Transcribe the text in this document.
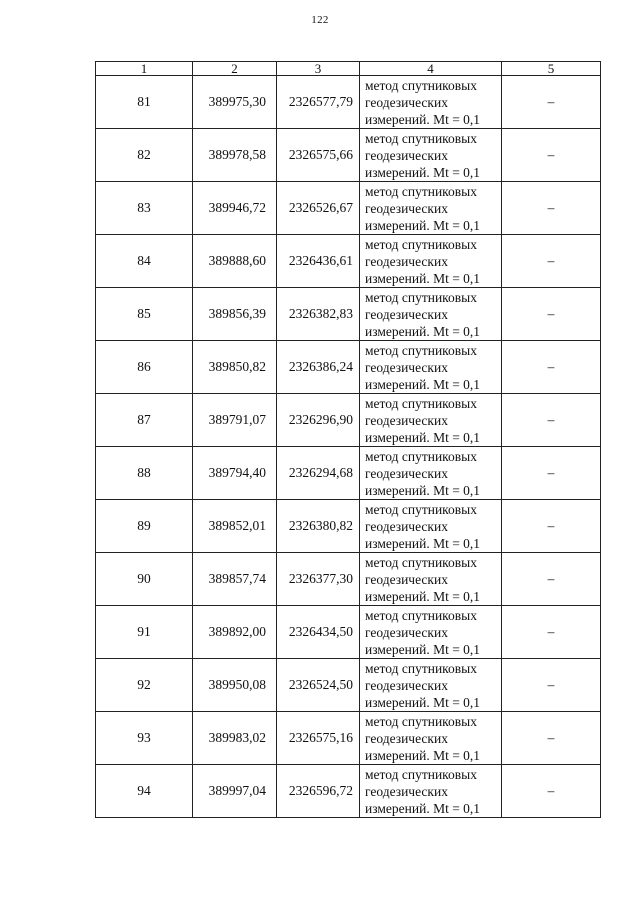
122
1	2	3	4	5
81	389975,30	2326577,79	метод спутниковых
геодезических
измерений. Mt = 0,1	–
82	389978,58	2326575,66	метод спутниковых
геодезических
измерений. Mt = 0,1	–
83	389946,72	2326526,67	метод спутниковых
геодезических
измерений. Mt = 0,1	–
84	389888,60	2326436,61	метод спутниковых
геодезических
измерений. Mt = 0,1	–
85	389856,39	2326382,83	метод спутниковых
геодезических
измерений. Mt = 0,1	–
86	389850,82	2326386,24	метод спутниковых
геодезических
измерений. Mt = 0,1	–
87	389791,07	2326296,90	метод спутниковых
геодезических
измерений. Mt = 0,1	–
88	389794,40	2326294,68	метод спутниковых
геодезических
измерений. Mt = 0,1	–
89	389852,01	2326380,82	метод спутниковых
геодезических
измерений. Mt = 0,1	–
90	389857,74	2326377,30	метод спутниковых
геодезических
измерений. Mt = 0,1	–
91	389892,00	2326434,50	метод спутниковых
геодезических
измерений. Mt = 0,1	–
92	389950,08	2326524,50	метод спутниковых
геодезических
измерений. Mt = 0,1	–
93	389983,02	2326575,16	метод спутниковых
геодезических
измерений. Mt = 0,1	–
94	389997,04	2326596,72	метод спутниковых
геодезических
измерений. Mt = 0,1	–
